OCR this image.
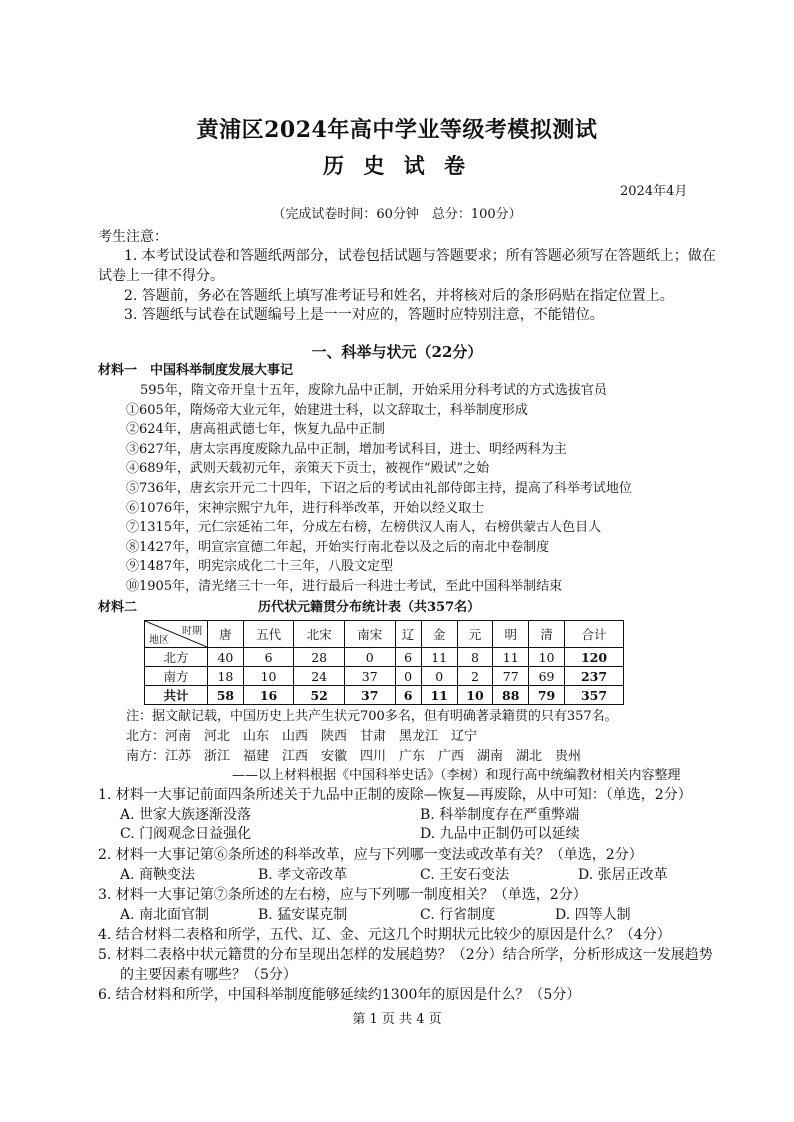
黄浦区2024年高中学业等级考模拟测试
历 史 试 卷
2024年4月
（完成试卷时间：60分钟　总分：100分）
考生注意：
1. 本考试设试卷和答题纸两部分，试卷包括试题与答题要求；所有答题必须写在答题纸上；做在
试卷上一律不得分。
2. 答题前，务必在答题纸上填写准考证号和姓名，并将核对后的条形码贴在指定位置上。
3. 答题纸与试卷在试题编号上是一一对应的，答题时应特别注意，不能错位。
一、科举与状元（22分）
材料一　中国科举制度发展大事记
595年，隋文帝开皇十五年，废除九品中正制，开始采用分科考试的方式选拔官员
①605年，隋炀帝大业元年，始建进士科，以文辞取士，科举制度形成
②624年，唐高祖武德七年，恢复九品中正制
③627年，唐太宗再度废除九品中正制，增加考试科目，进士、明经两科为主
④689年，武则天载初元年，亲策天下贡士，被视作“殿试”之始
⑤736年，唐玄宗开元二十四年，下诏之后的考试由礼部侍郎主持，提高了科举考试地位
⑥1076年，宋神宗熙宁九年，进行科举改革，开始以经义取士
⑦1315年，元仁宗延祐二年，分成左右榜，左榜供汉人南人，右榜供蒙古人色目人
⑧1427年，明宣宗宣德二年起，开始实行南北卷以及之后的南北中卷制度
⑨1487年，明宪宗成化二十三年，八股文定型
⑩1905年，清光绪三十一年，进行最后一科进士考试，至此中国科举制结束
材料二	历代状元籍贯分布统计表（共357名）
时期
地区	唐	五代	北宋	南宋	辽	金	元	明	清	合计
北方	40	6	28	0	6	11	8	11	10	120
南方	18	10	24	37	0	0	2	77	69	237
共计	58	16	52	37	6	11	10	88	79	357
注：据文献记载，中国历史上共产生状元700多名，但有明确著录籍贯的只有357名。
北方：河南　河北　山东　山西　陕西　甘肃　黑龙江　辽宁
南方：江苏　浙江　福建　江西　安徽　四川　广东　广西　湖南　湖北　贵州
——以上材料根据《中国科举史话》（李树）和现行高中统编教材相关内容整理
1. 材料一大事记前面四条所述关于九品中正制的废除—恢复—再废除，从中可知：（单选，2分）
A. 世家大族逐渐没落	B. 科举制度存在严重弊端
C. 门阀观念日益强化	D. 九品中正制仍可以延续
2. 材料一大事记第⑥条所述的科举改革，应与下列哪一变法或改革有关？（单选，2分）
A. 商鞅变法	B. 孝文帝改革	C. 王安石变法	D. 张居正改革
3. 材料一大事记第⑦条所述的左右榜，应与下列哪一制度相关？（单选，2分）
A. 南北面官制	B. 猛安谋克制	C. 行省制度	D. 四等人制
4. 结合材料二表格和所学，五代、辽、金、元这几个时期状元比较少的原因是什么？（4分）
5. 材料二表格中状元籍贯的分布呈现出怎样的发展趋势？（2分）结合所学，分析形成这一发展趋势
的主要因素有哪些？（5分）
6. 结合材料和所学，中国科举制度能够延续约1300年的原因是什么？（5分）
第 1 页 共 4 页
